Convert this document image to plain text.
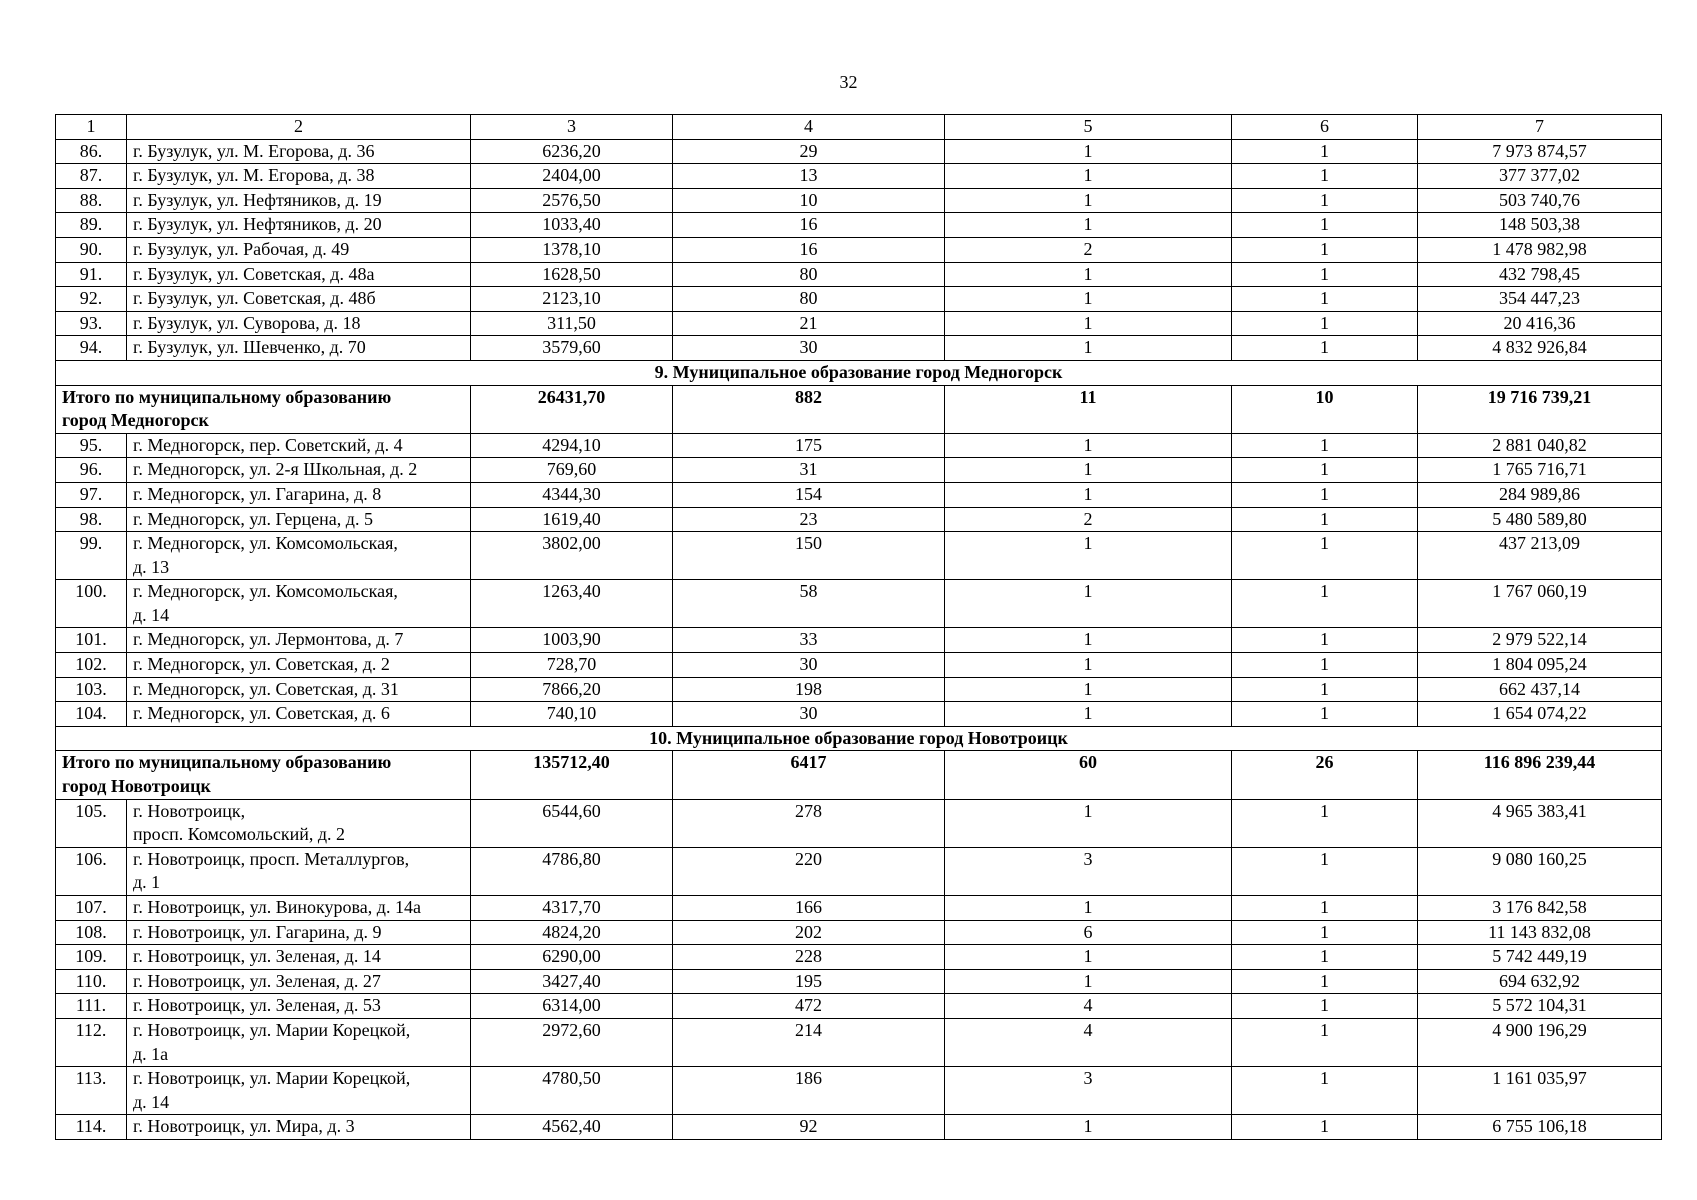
32
1	2	3	4	5	6	7
86.	г. Бузулук, ул. М. Егорова, д. 36	6236,20	29	1	1	7 973 874,57
87.	г. Бузулук, ул. М. Егорова, д. 38	2404,00	13	1	1	377 377,02
88.	г. Бузулук, ул. Нефтяников, д. 19	2576,50	10	1	1	503 740,76
89.	г. Бузулук, ул. Нефтяников, д. 20	1033,40	16	1	1	148 503,38
90.	г. Бузулук, ул. Рабочая, д. 49	1378,10	16	2	1	1 478 982,98
91.	г. Бузулук, ул. Советская, д. 48а	1628,50	80	1	1	432 798,45
92.	г. Бузулук, ул. Советская, д. 48б	2123,10	80	1	1	354 447,23
93.	г. Бузулук, ул. Суворова, д. 18	311,50	21	1	1	20 416,36
94.	г. Бузулук, ул. Шевченко, д. 70	3579,60	30	1	1	4 832 926,84
9. Муниципальное образование город Медногорск						

Итого по муниципальному образованию
город Медногорск		26431,70	882	11	10	19 716 739,21
95.	г. Медногорск, пер. Советский, д. 4	4294,10	175	1	1	2 881 040,82
96.	г. Медногорск, ул. 2-я Школьная, д. 2	769,60	31	1	1	1 765 716,71
97.	г. Медногорск, ул. Гагарина, д. 8	4344,30	154	1	1	284 989,86
98.	г. Медногорск, ул. Герцена, д. 5	1619,40	23	2	1	5 480 589,80
99.	г. Медногорск, ул. Комсомольская,
д. 13	3802,00	150	1	1	437 213,09
100.	г. Медногорск, ул. Комсомольская,
д. 14	1263,40	58	1	1	1 767 060,19
101.	г. Медногорск, ул. Лермонтова, д. 7	1003,90	33	1	1	2 979 522,14
102.	г. Медногорск, ул. Советская, д. 2	728,70	30	1	1	1 804 095,24
103.	г. Медногорск, ул. Советская, д. 31	7866,20	198	1	1	662 437,14
104.	г. Медногорск, ул. Советская, д. 6	740,10	30	1	1	1 654 074,22
10. Муниципальное образование город Новотроицк						

Итого по муниципальному образованию
город Новотроицк		135712,40	6417	60	26	116 896 239,44
105.	г. Новотроицк,
просп. Комсомольский, д. 2	6544,60	278	1	1	4 965 383,41
106.	г. Новотроицк, просп. Металлургов,
д. 1	4786,80	220	3	1	9 080 160,25
107.	г. Новотроицк, ул. Винокурова, д. 14а	4317,70	166	1	1	3 176 842,58
108.	г. Новотроицк, ул. Гагарина, д. 9	4824,20	202	6	1	11 143 832,08
109.	г. Новотроицк, ул. Зеленая, д. 14	6290,00	228	1	1	5 742 449,19
110.	г. Новотроицк, ул. Зеленая, д. 27	3427,40	195	1	1	694 632,92
111.	г. Новотроицк, ул. Зеленая, д. 53	6314,00	472	4	1	5 572 104,31
112.	г. Новотроицк, ул. Марии Корецкой,
д. 1а	2972,60	214	4	1	4 900 196,29
113.	г. Новотроицк, ул. Марии Корецкой,
д. 14	4780,50	186	3	1	1 161 035,97
114.	г. Новотроицк, ул. Мира, д. 3	4562,40	92	1	1	6 755 106,18
